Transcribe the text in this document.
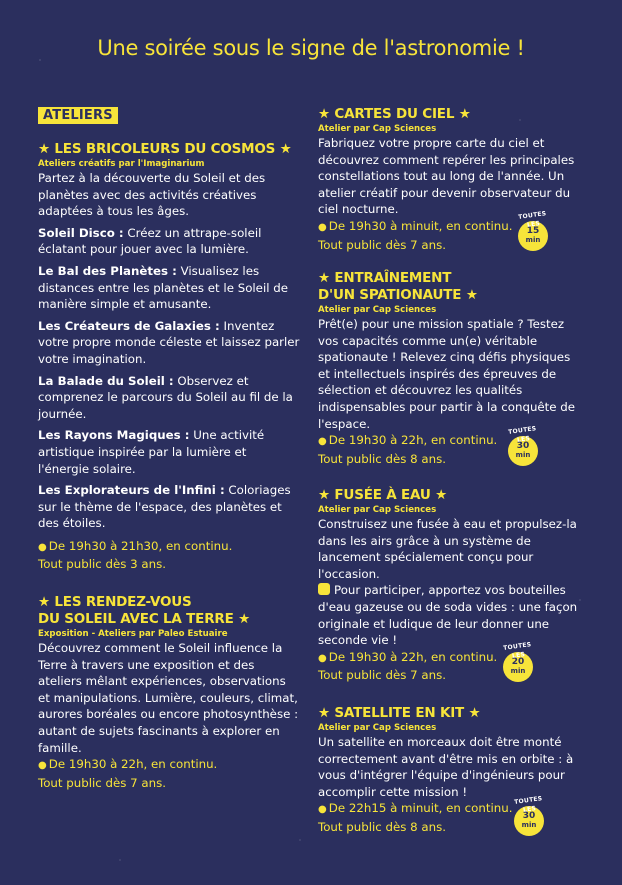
Une soirée sous le signe de l'astronomie !
ATELIERS
★ LES BRICOLEURS DU COSMOS ★
Ateliers créatifs par l'Imaginarium

Partez à la découverte du Soleil et des planètes avec des activités créatives adaptées à tous les âges.

Soleil Disco : Créez un attrape-soleil éclatant pour jouer avec la lumière.

Le Bal des Planètes : Visualisez les distances entre les planètes et le Soleil de manière simple et amusante.

Les Créateurs de Galaxies : Inventez votre propre monde céleste et laissez parler votre imagination.

La Balade du Soleil : Observez et comprenez le parcours du Soleil au fil de la journée.

Les Rayons Magiques : Une activité artistique inspirée par la lumière et l'énergie solaire.

Les Explorateurs de l'Infini : Coloriages sur le thème de l'espace, des planètes et des étoiles.

● De 19h30 à 21h30, en continu.
Tout public dès 3 ans.
★ LES RENDEZ-VOUS
DU SOLEIL AVEC LA TERRE ★
Exposition - Ateliers par Paleo Estuaire

Découvrez comment le Soleil influence la Terre à travers une exposition et des ateliers mêlant expériences, observations et manipulations. Lumière, couleurs, climat, aurores boréales ou encore photosynthèse : autant de sujets fascinants à explorer en famille.

● De 19h30 à 22h, en continu.
Tout public dès 7 ans.
★ CARTES DU CIEL ★
Atelier par Cap Sciences

Fabriquez votre propre carte du ciel et découvrez comment repérer les principales constellations tout au long de l'année. Un atelier créatif pour devenir observateur du ciel nocturne.

● De 19h30 à minuit, en continu.
Tout public dès 7 ans.
TOUTES LES
15
min
★ ENTRAÎNEMENT
D'UN SPATIONAUTE ★
Atelier par Cap Sciences

Prêt(e) pour une mission spatiale ? Testez vos capacités comme un(e) véritable spationaute ! Relevez cinq défis physiques et intellectuels inspirés des épreuves de sélection et découvrez les qualités indispensables pour partir à la conquête de l'espace.

● De 19h30 à 22h, en continu.
Tout public dès 8 ans.
TOUTES LES
30
min
★ FUSÉE À EAU ★
Atelier par Cap Sciences

Construisez une fusée à eau et propulsez-la dans les airs grâce à un système de lancement spécialement conçu pour l'occasion.

Pour participer, apportez vos bouteilles d'eau gazeuse ou de soda vides : une façon originale et ludique de leur donner une seconde vie !

● De 19h30 à 22h, en continu.
Tout public dès 7 ans.
TOUTES LES
20
min
★ SATELLITE EN KIT ★
Atelier par Cap Sciences

Un satellite en morceaux doit être monté correctement avant d'être mis en orbite : à vous d'intégrer l'équipe d'ingénieurs pour accomplir cette mission !

● De 22h15 à minuit, en continu.
Tout public dès 8 ans.
TOUTES LES
30
min
